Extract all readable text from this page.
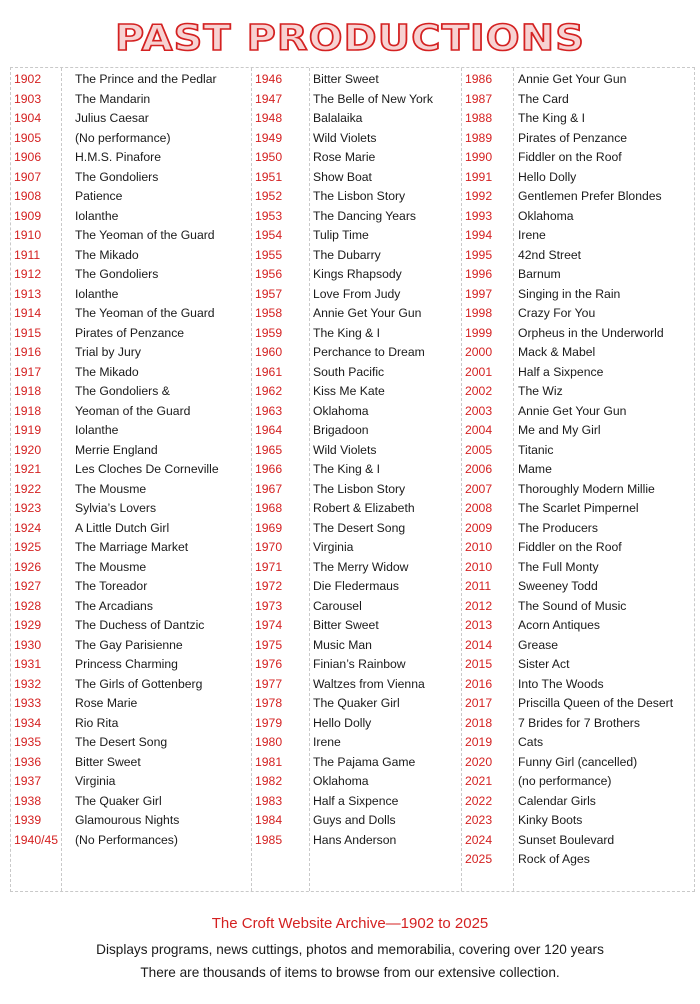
PAST PRODUCTIONS
1902	The Prince and the Pedlar
1903	The Mandarin
1904	Julius Caesar
1905	(No performance)
1906	H.M.S. Pinafore
1907	The Gondoliers
1908	Patience
1909	Iolanthe
1910	The Yeoman of the Guard
1911	The Mikado
1912	The Gondoliers
1913	Iolanthe
1914	The Yeoman of the Guard
1915	Pirates of Penzance
1916	Trial by Jury
1917	The Mikado
1918	The Gondoliers &
1918	Yeoman of the Guard
1919	Iolanthe
1920	Merrie England
1921	Les Cloches De Corneville
1922	The Mousme
1923	Sylvia’s Lovers
1924	A Little Dutch Girl
1925	The Marriage Market
1926	The Mousme
1927	The Toreador
1928	The Arcadians
1929	The Duchess of Dantzic
1930	The Gay Parisienne
1931	Princess Charming
1932	The Girls of Gottenberg
1933	Rose Marie
1934	Rio Rita
1935	The Desert Song
1936	Bitter Sweet
1937	Virginia
1938	The Quaker Girl
1939	Glamourous Nights
1940/45 (No Performances)
1946	Bitter Sweet
1947	The Belle of New York
1948	Balalaika
1949	Wild Violets
1950	Rose Marie
1951	Show Boat
1952	The Lisbon Story
1953	The Dancing Years
1954	Tulip Time
1955	The Dubarry
1956	Kings Rhapsody
1957	Love From Judy
1958	Annie Get Your Gun
1959	The King & I
1960	Perchance to Dream
1961	South Pacific
1962	Kiss Me Kate
1963	Oklahoma
1964	Brigadoon
1965	Wild Violets
1966	The King & I
1967	The Lisbon Story
1968	Robert & Elizabeth
1969	The Desert Song
1970	Virginia
1971	The Merry Widow
1972	Die Fledermaus
1973	Carousel
1974	Bitter Sweet
1975	Music Man
1976	Finian’s Rainbow
1977	Waltzes from Vienna
1978	The Quaker Girl
1979	Hello Dolly
1980	Irene
1981	The Pajama Game
1982	Oklahoma
1983	Half a Sixpence
1984	Guys and Dolls
1985	Hans Anderson
1986 Annie Get Your Gun
1987 The Card
1988 The King & I
1989 Pirates of Penzance
1990 Fiddler on the Roof
1991 Hello Dolly
1992 Gentlemen Prefer Blondes
1993 Oklahoma
1994 Irene
1995 42nd Street
1996 Barnum
1997 Singing in the Rain
1998 Crazy For You
1999 Orpheus in the Underworld
2000 Mack & Mabel
2001 Half a Sixpence
2002 The Wiz
2003 Annie Get Your Gun
2004 Me and My Girl
2005 Titanic
2006 Mame
2007 Thoroughly Modern Millie
2008 The Scarlet Pimpernel
2009 The Producers
2010 Fiddler on the Roof
2010 The Full Monty
2011 Sweeney Todd
2012 The Sound of Music
2013 Acorn Antiques
2014 Grease
2015 Sister Act
2016 Into The Woods
2017 Priscilla Queen of the Desert
2018 7 Brides for 7 Brothers
2019 Cats
2020 Funny Girl (cancelled)
2021 (no performance)
2022 Calendar Girls
2023 Kinky Boots
2024 Sunset Boulevard
2025 Rock of Ages
The Croft Website Archive—1902 to 2025
Displays programs, news cuttings, photos and memorabilia, covering over 120 years
There are thousands of items to browse from our extensive collection.
